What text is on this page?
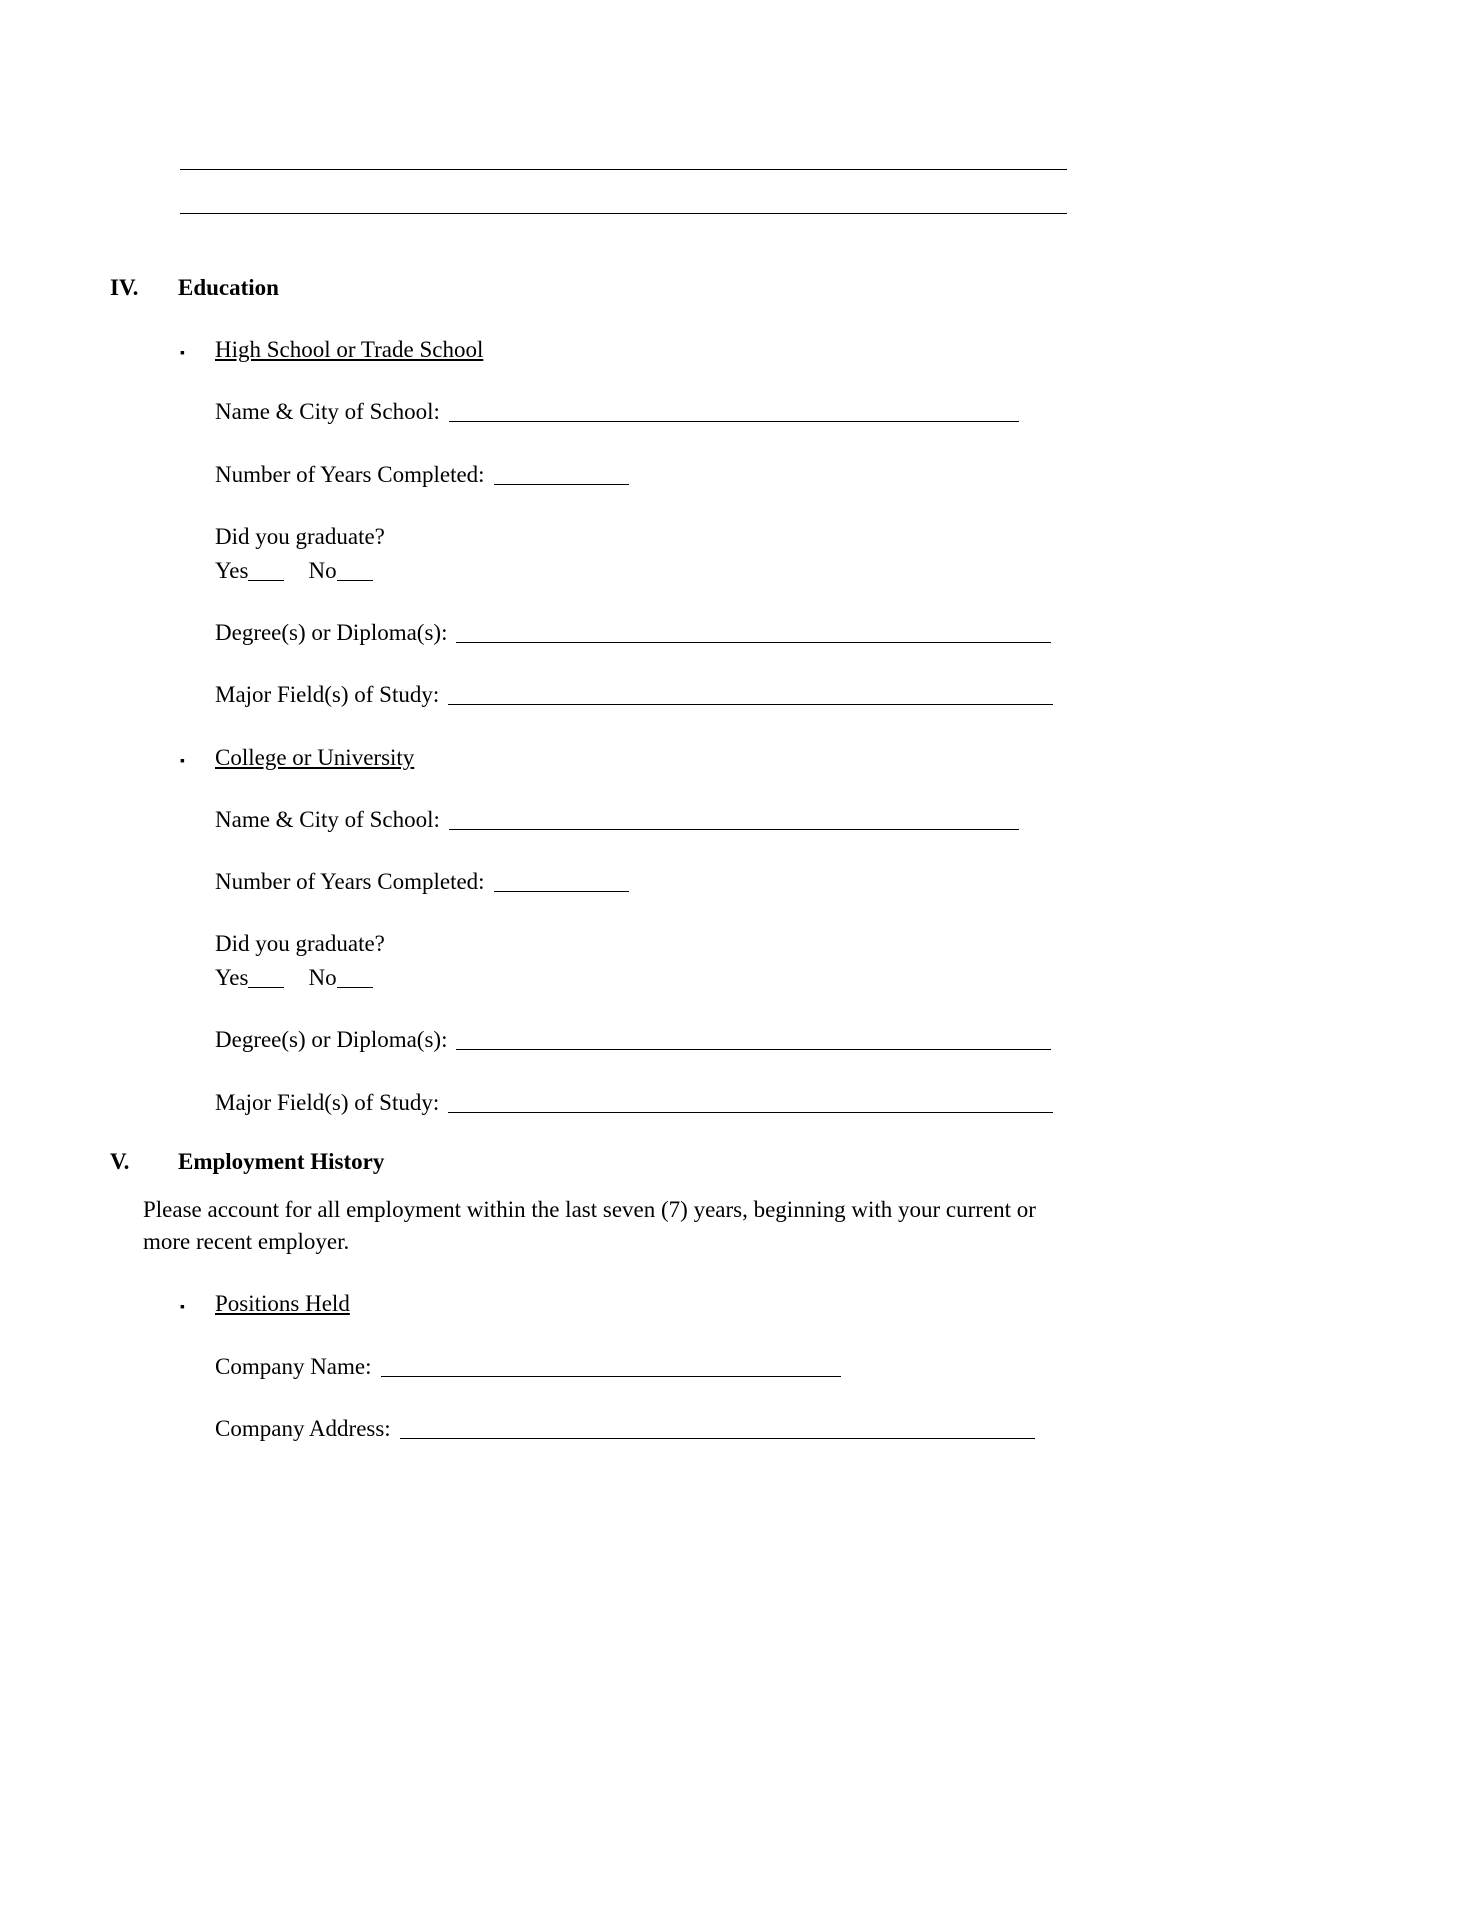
IV.	Education
▪	High School or Trade School
Name & City of School:
Number of Years Completed:
Did you graduate?
Yes	No
Degree(s) or Diploma(s):
Major Field(s) of Study:
▪	College or University
Name & City of School:
Number of Years Completed:
Did you graduate?
Yes	No
Degree(s) or Diploma(s):
Major Field(s) of Study:
V.	Employment History
Please account for all employment within the last seven (7) years, beginning with your current or more recent employer.
▪	Positions Held
Company Name:
Company Address:
